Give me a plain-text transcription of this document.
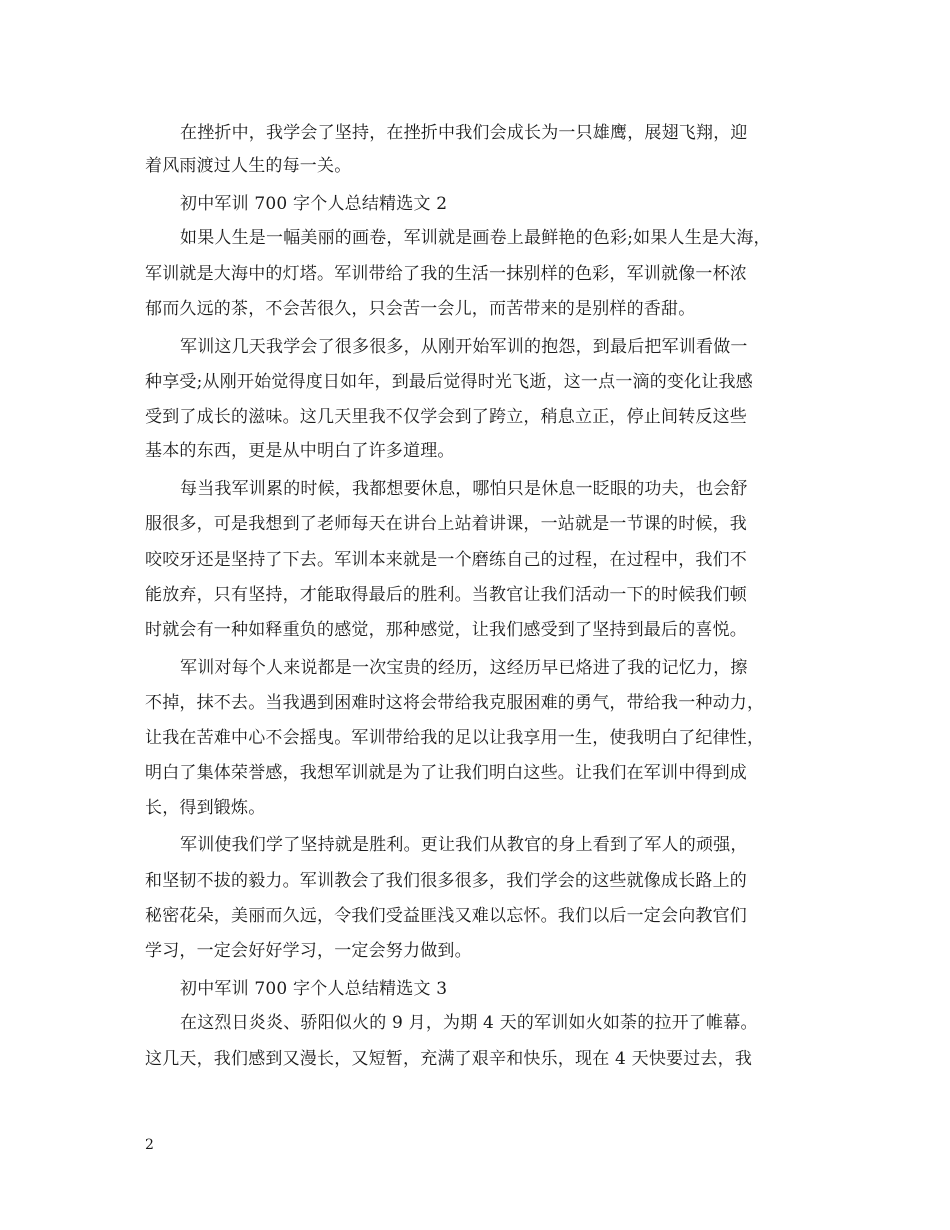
在挫折中，我学会了坚持，在挫折中我们会成长为一只雄鹰，展翅飞翔，迎
着风雨渡过人生的每一关。
初中军训 700 字个人总结精选文 2
如果人生是一幅美丽的画卷，军训就是画卷上最鲜艳的色彩;如果人生是大海，
军训就是大海中的灯塔。军训带给了我的生活一抹别样的色彩，军训就像一杯浓
郁而久远的茶，不会苦很久，只会苦一会儿，而苦带来的是别样的香甜。
军训这几天我学会了很多很多，从刚开始军训的抱怨，到最后把军训看做一
种享受;从刚开始觉得度日如年，到最后觉得时光飞逝，这一点一滴的变化让我感
受到了成长的滋味。这几天里我不仅学会到了跨立，稍息立正，停止间转反这些
基本的东西，更是从中明白了许多道理。
每当我军训累的时候，我都想要休息，哪怕只是休息一眨眼的功夫，也会舒
服很多，可是我想到了老师每天在讲台上站着讲课，一站就是一节课的时候，我
咬咬牙还是坚持了下去。军训本来就是一个磨练自己的过程，在过程中，我们不
能放弃，只有坚持，才能取得最后的胜利。当教官让我们活动一下的时候我们顿
时就会有一种如释重负的感觉，那种感觉，让我们感受到了坚持到最后的喜悦。
军训对每个人来说都是一次宝贵的经历，这经历早已烙进了我的记忆力，擦
不掉，抹不去。当我遇到困难时这将会带给我克服困难的勇气，带给我一种动力，
让我在苦难中心不会摇曳。军训带给我的足以让我享用一生，使我明白了纪律性，
明白了集体荣誉感，我想军训就是为了让我们明白这些。让我们在军训中得到成
长，得到锻炼。
军训使我们学了坚持就是胜利。更让我们从教官的身上看到了军人的顽强，
和坚韧不拔的毅力。军训教会了我们很多很多，我们学会的这些就像成长路上的
秘密花朵，美丽而久远，令我们受益匪浅又难以忘怀。我们以后一定会向教官们
学习，一定会好好学习，一定会努力做到。
初中军训 700 字个人总结精选文 3
在这烈日炎炎、骄阳似火的 9 月，为期 4 天的军训如火如荼的拉开了帷幕。
这几天，我们感到又漫长，又短暂，充满了艰辛和快乐，现在 4 天快要过去，我
2
